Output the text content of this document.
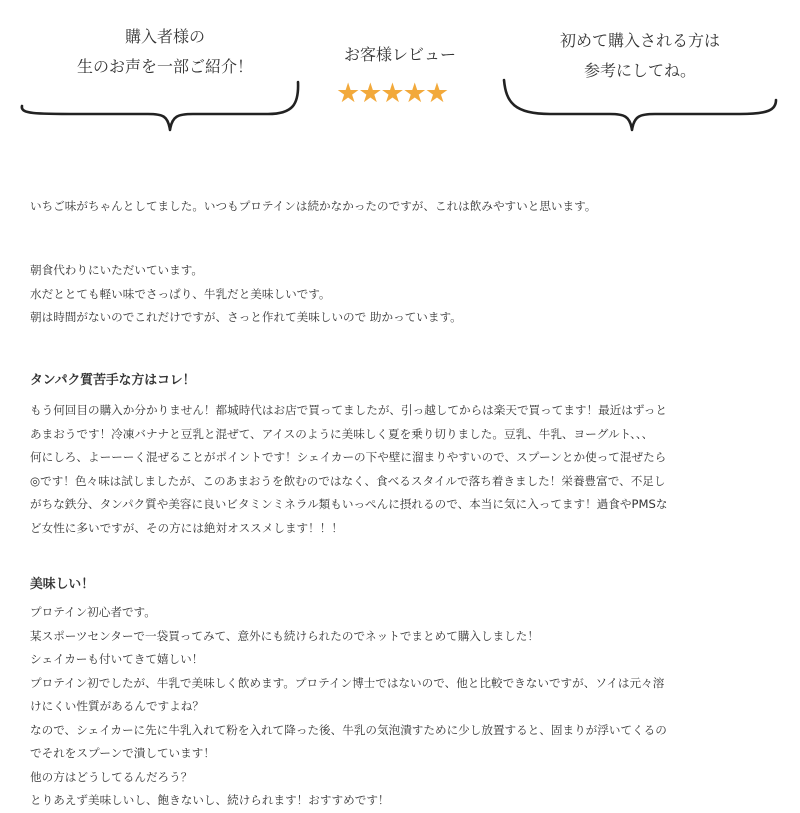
購入者様の
生のお声を一部ご紹介！
お客様レビュー
★★★★★
初めて購入される方は
参考にしてね。
いちご味がちゃんとしてました。いつもプロテインは続かなかったのですが、これは飲みやすいと思います。
朝食代わりにいただいています。
水だととても軽い味でさっぱり、牛乳だと美味しいです。
朝は時間がないのでこれだけですが、さっと作れて美味しいので 助かっています。
タンパク質苦手な方はコレ！
もう何回目の購入か分かりません！都城時代はお店で買ってましたが、引っ越してからは楽天で買ってます！最近はずっと
あまおうです！冷凍バナナと豆乳と混ぜて、アイスのように美味しく夏を乗り切りました。豆乳、牛乳、ヨーグルト、、、
何にしろ、よーーーく混ぜることがポイントです！シェイカーの下や壁に溜まりやすいので、スプーンとか使って混ぜたら
◎です！色々味は試しましたが、このあまおうを飲むのではなく、食べるスタイルで落ち着きました！栄養豊富で、不足し
がちな鉄分、タンパク質や美容に良いビタミンミネラル類もいっぺんに摂れるので、本当に気に入ってます！過食やPMSな
ど女性に多いですが、その方には絶対オススメします！！！
美味しい！
プロテイン初心者です。
某スポーツセンターで一袋買ってみて、意外にも続けられたのでネットでまとめて購入しました！
シェイカーも付いてきて嬉しい！
プロテイン初でしたが、牛乳で美味しく飲めます。プロテイン博士ではないので、他と比較できないですが、ソイは元々溶
けにくい性質があるんですよね？
なので、シェイカーに先に牛乳入れて粉を入れて降った後、牛乳の気泡潰すために少し放置すると、固まりが浮いてくるの
でそれをスプーンで潰しています！
他の方はどうしてるんだろう？
とりあえず美味しいし、飽きないし、続けられます！おすすめです！
